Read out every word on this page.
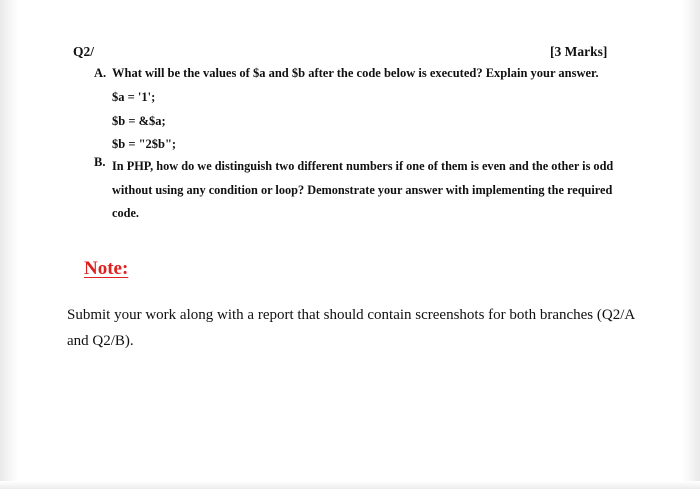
Q2/	[3 Marks]
A. What will be the values of $a and $b after the code below is executed? Explain your answer.
$a = '1';
$b = &$a;
$b = "2$b";
B. In PHP, how do we distinguish two different numbers if one of them is even and the other is odd without using any condition or loop? Demonstrate your answer with implementing the required code.
Note:
Submit your work along with a report that should contain screenshots for both branches (Q2/A and Q2/B).
